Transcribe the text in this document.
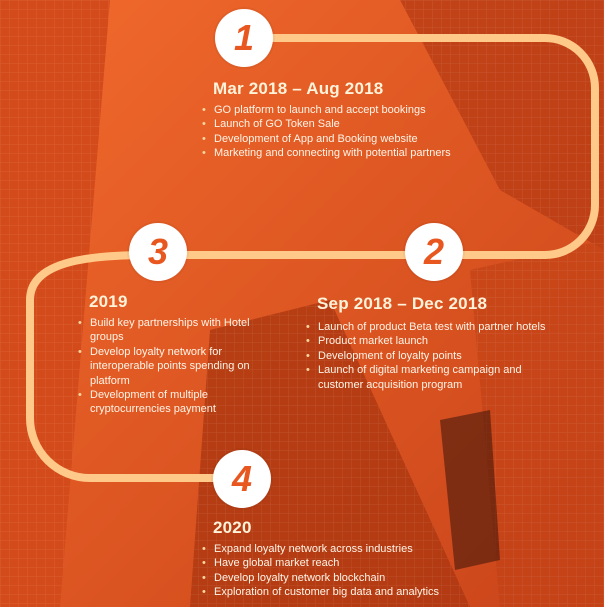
1
Mar 2018 – Aug 2018
• GO platform to launch and accept bookings
• Launch of GO Token Sale
• Development of App and Booking website
• Marketing and connecting with potential partners
2
Sep 2018 – Dec 2018
• Launch of product Beta test with partner hotels
• Product market launch
• Development of loyalty points
• Launch of digital marketing campaign and customer acquisition program
3
2019
• Build key partnerships with Hotel groups
• Develop loyalty network for interoperable points spending on platform
• Development of multiple cryptocurrencies payment
4
2020
• Expand loyalty network across industries
• Have global market reach
• Develop loyalty network blockchain
• Exploration of customer big data and analytics
